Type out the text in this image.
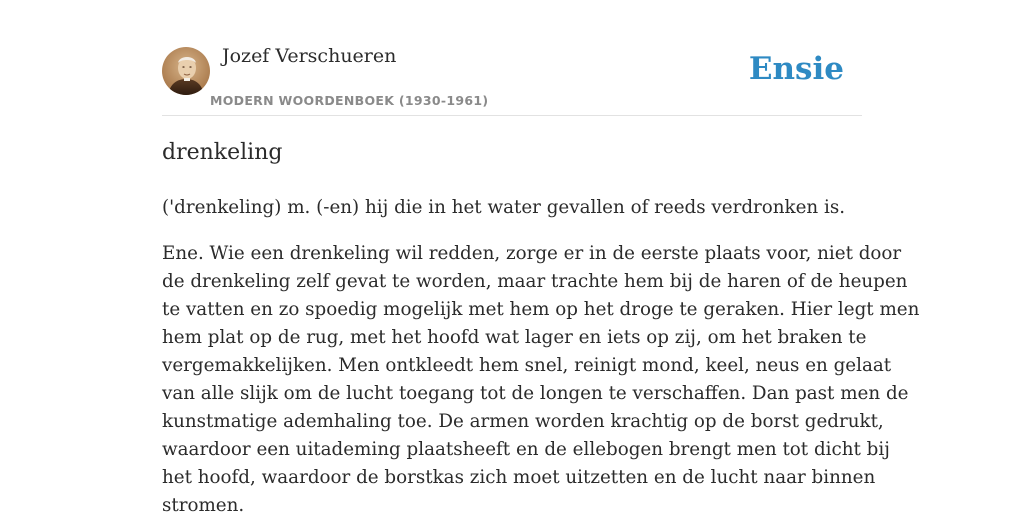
Jozef Verschueren
MODERN WOORDENBOEK (1930-1961)
Ensie
drenkeling

('drenkeling) m. (-en) hij die in het water gevallen of reeds verdronken is.

Ene. Wie een drenkeling wil redden, zorge er in de eerste plaats voor, niet door
de drenkeling zelf gevat te worden, maar trachte hem bij de haren of de heupen
te vatten en zo spoedig mogelijk met hem op het droge te geraken. Hier legt men
hem plat op de rug, met het hoofd wat lager en iets op zij, om het braken te
vergemakkelijken. Men ontkleedt hem snel, reinigt mond, keel, neus en gelaat
van alle slijk om de lucht toegang tot de longen te verschaffen. Dan past men de
kunstmatige ademhaling toe. De armen worden krachtig op de borst gedrukt,
waardoor een uitademing plaatsheeft en de ellebogen brengt men tot dicht bij
het hoofd, waardoor de borstkas zich moet uitzetten en de lucht naar binnen
stromen.
